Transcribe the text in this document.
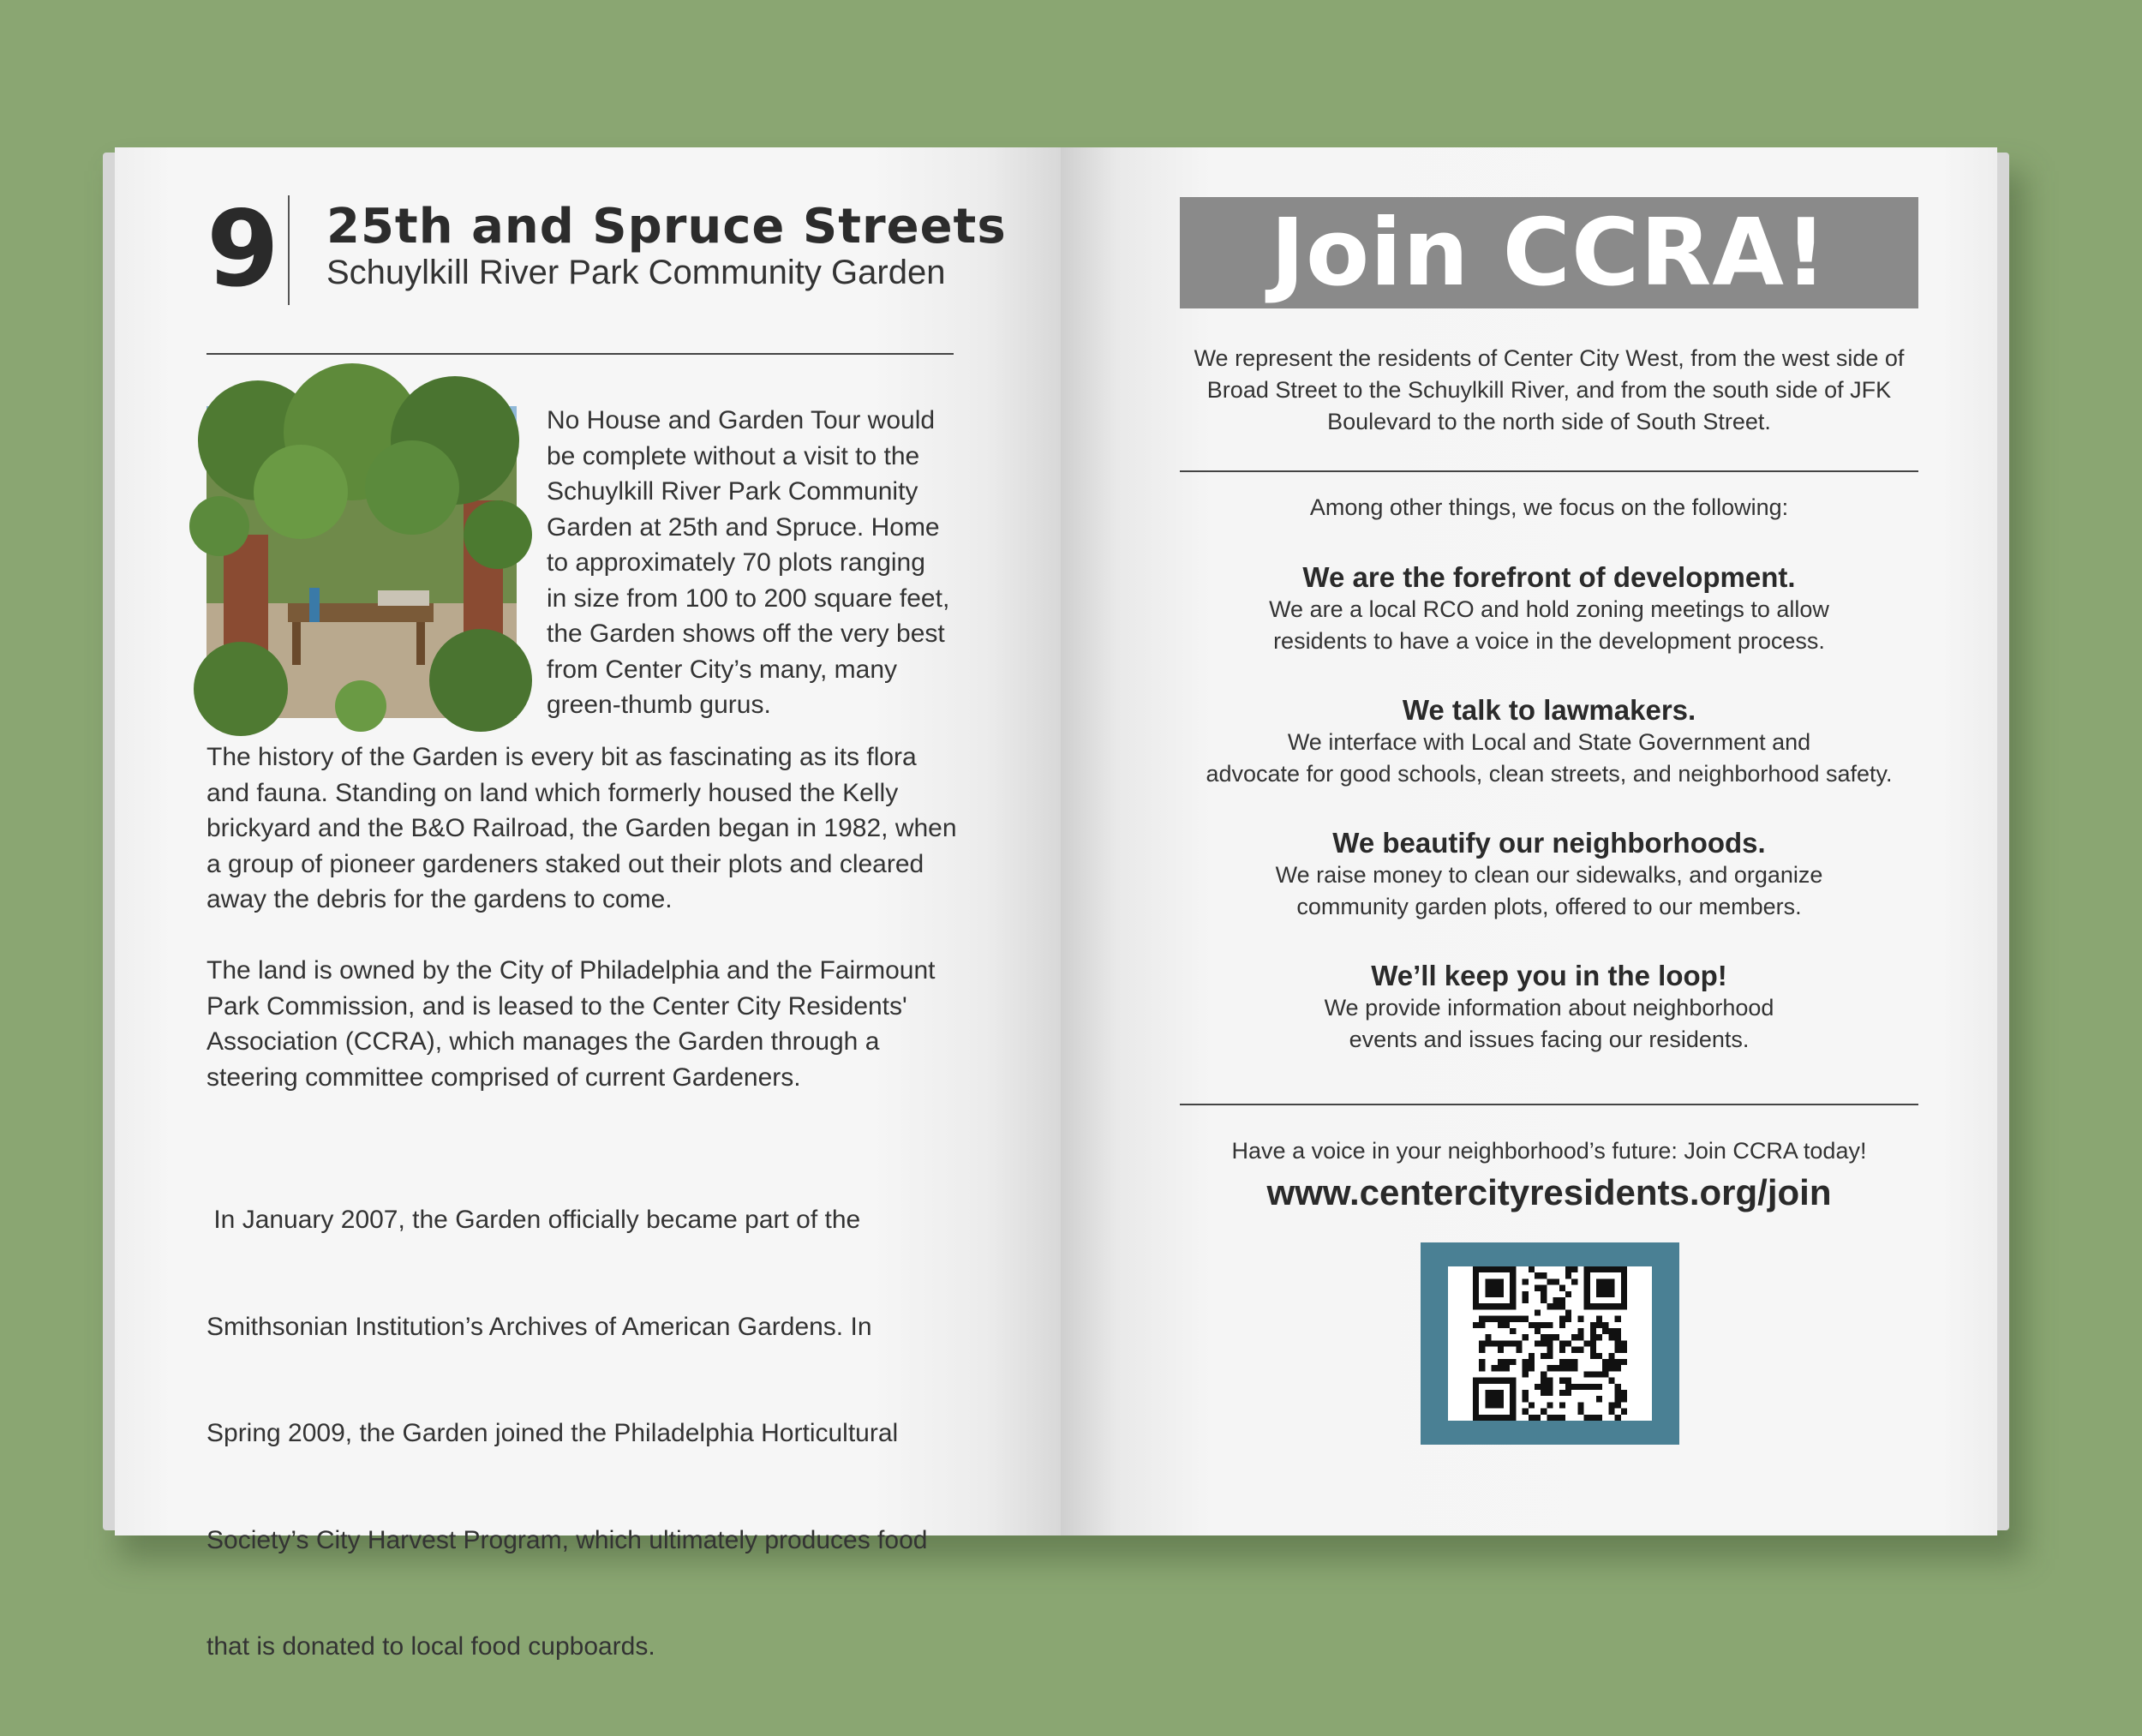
9 25th and Spruce Streets
Schuylkill River Park Community Garden
No House and Garden Tour would
be complete without a visit to the
Schuylkill River Park Community
Garden at 25th and Spruce. Home
to approximately 70 plots ranging
in size from 100 to 200 square feet,
the Garden shows off the very best
from Center City’s many, many
green-thumb gurus.
The history of the Garden is every bit as fascinating as its flora
and fauna. Standing on land which formerly housed the Kelly
brickyard and the B&O Railroad, the Garden began in 1982, when
a group of pioneer gardeners staked out their plots and cleared
away the debris for the gardens to come.
The land is owned by the City of Philadelphia and the Fairmount
Park Commission, and is leased to the Center City Residents'
Association (CCRA), which manages the Garden through a
steering committee comprised of current Gardeners.

In January 2007, the Garden officially became part of the

Smithsonian Institution’s Archives of American Gardens. In

Spring 2009, the Garden joined the Philadelphia Horticultural

Society’s City Harvest Program, which ultimately produces food

that is donated to local food cupboards.

Join CCRA!
We represent the residents of Center City West, from the west side of
Broad Street to the Schuylkill River, and from the south side of JFK
Boulevard to the north side of South Street.
Among other things, we focus on the following:
We are the forefront of development.
We are a local RCO and hold zoning meetings to allow
residents to have a voice in the development process.
We talk to lawmakers.
We interface with Local and State Government and
advocate for good schools, clean streets, and neighborhood safety.
We beautify our neighborhoods.
We raise money to clean our sidewalks, and organize
community garden plots, offered to our members.
We’ll keep you in the loop!
We provide information about neighborhood
events and issues facing our residents.
Have a voice in your neighborhood’s future: Join CCRA today!
www.centercityresidents.org/join
